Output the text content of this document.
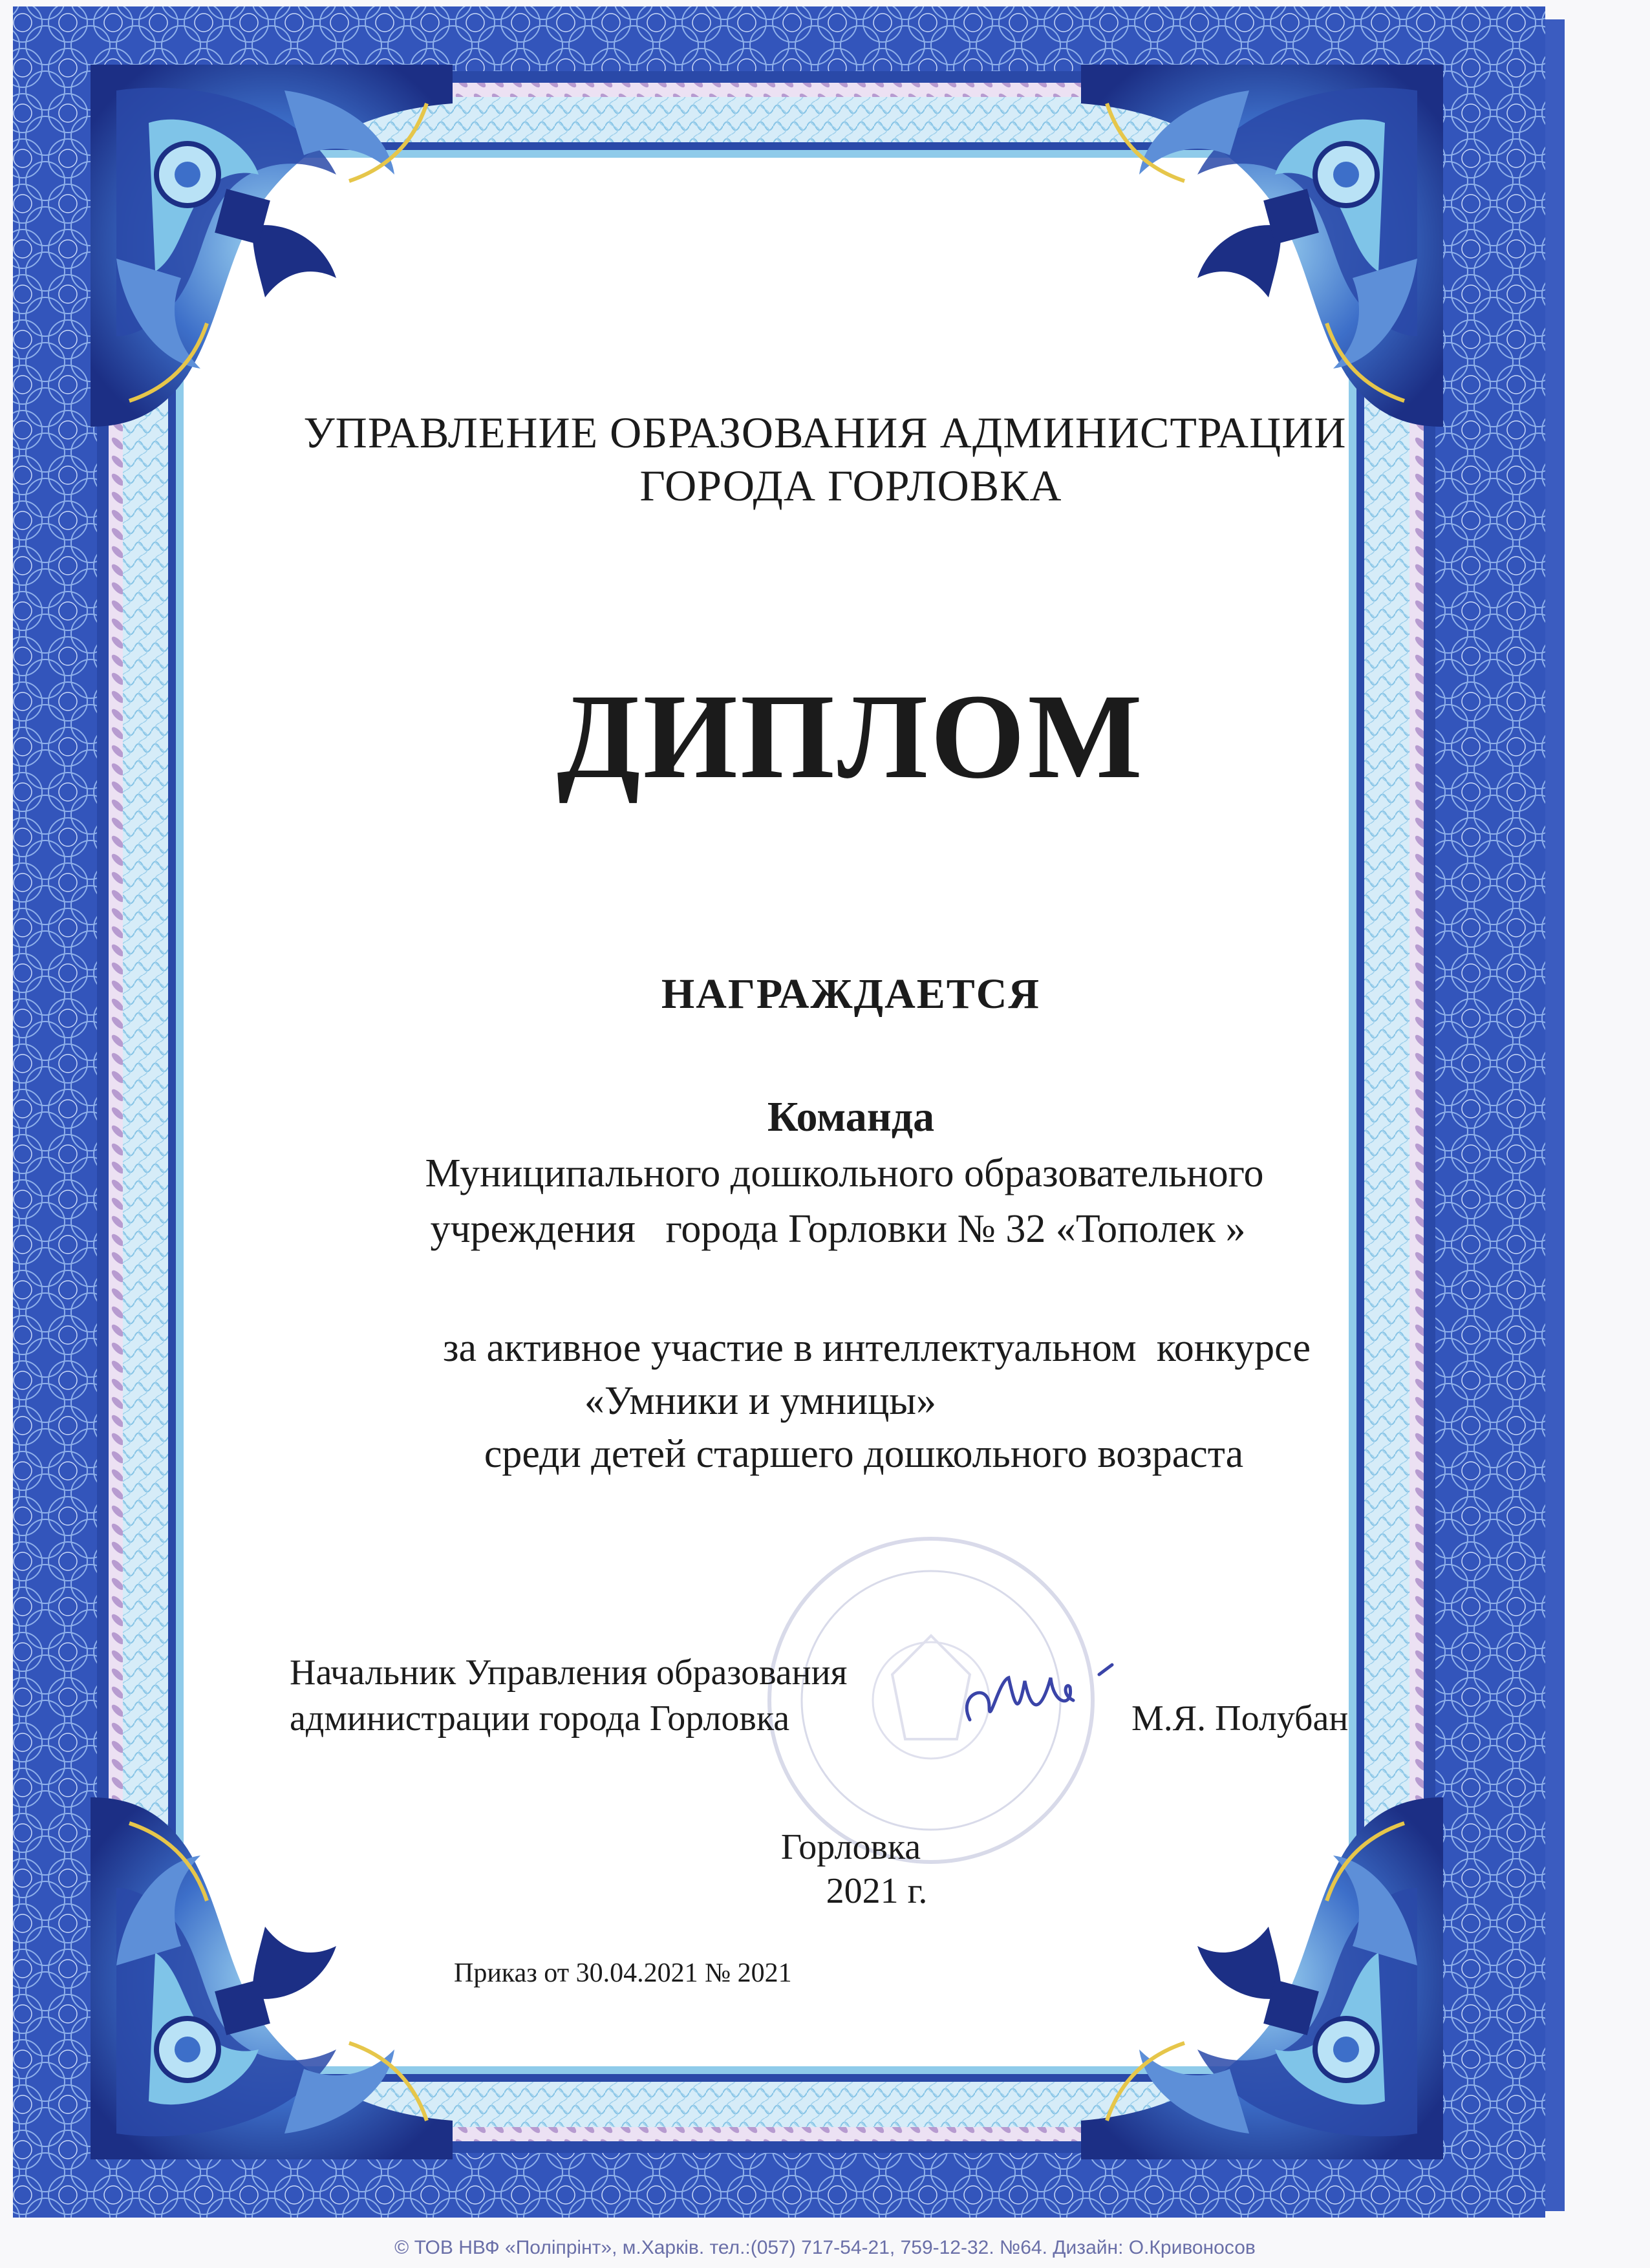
УПРАВЛЕНИЕ ОБРАЗОВАНИЯ АДМИНИСТРАЦИИ
ГОРОДА ГОРЛОВКА
ДИПЛОМ
НАГРАЖДАЕТСЯ
Команда
Муниципального дошкольного образовательного
учреждения   города Горловки № 32 «Тополек »
за активное участие в интеллектуальном  конкурсе
«Умники и умницы»
среди детей старшего дошкольного возраста
Начальник Управления образования
администрации города Горловка	М.Я. Полубан
Горловка
2021 г.
Приказ от 30.04.2021 № 2021
© ТОВ НВФ «Поліпрінт», м.Харків. тел.:(057) 717-54-21, 759-12-32. №64. Дизайн: О.Кривоносов
